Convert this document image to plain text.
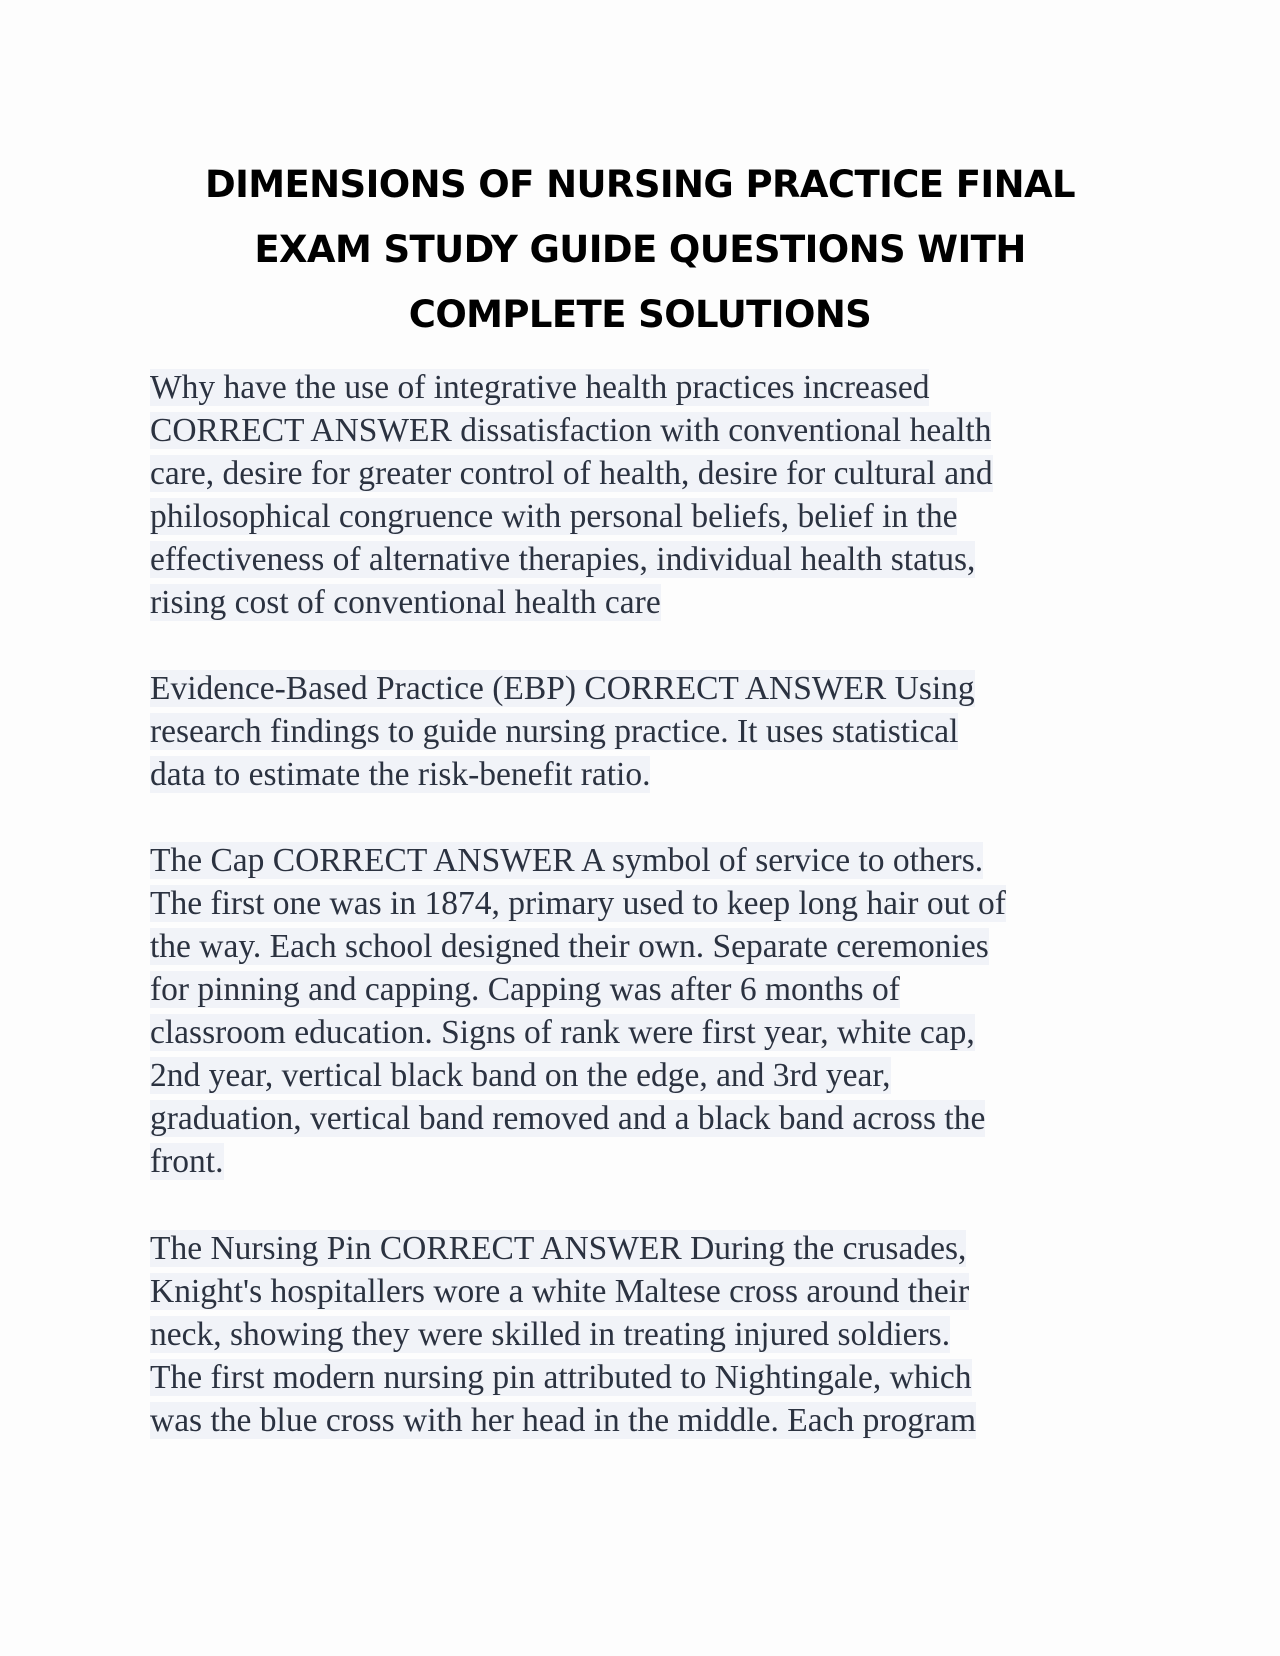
DIMENSIONS OF NURSING PRACTICE FINAL
EXAM STUDY GUIDE QUESTIONS WITH
COMPLETE SOLUTIONS
Why have the use of integrative health practices increased
CORRECT ANSWER dissatisfaction with conventional health
care, desire for greater control of health, desire for cultural and
philosophical congruence with personal beliefs, belief in the
effectiveness of alternative therapies, individual health status,
rising cost of conventional health care
Evidence-Based Practice (EBP) CORRECT ANSWER Using
research findings to guide nursing practice. It uses statistical
data to estimate the risk-benefit ratio.
The Cap CORRECT ANSWER A symbol of service to others.
The first one was in 1874, primary used to keep long hair out of
the way. Each school designed their own. Separate ceremonies
for pinning and capping. Capping was after 6 months of
classroom education. Signs of rank were first year, white cap,
2nd year, vertical black band on the edge, and 3rd year,
graduation, vertical band removed and a black band across the
front.
The Nursing Pin CORRECT ANSWER During the crusades,
Knight's hospitallers wore a white Maltese cross around their
neck, showing they were skilled in treating injured soldiers.
The first modern nursing pin attributed to Nightingale, which
was the blue cross with her head in the middle. Each program
